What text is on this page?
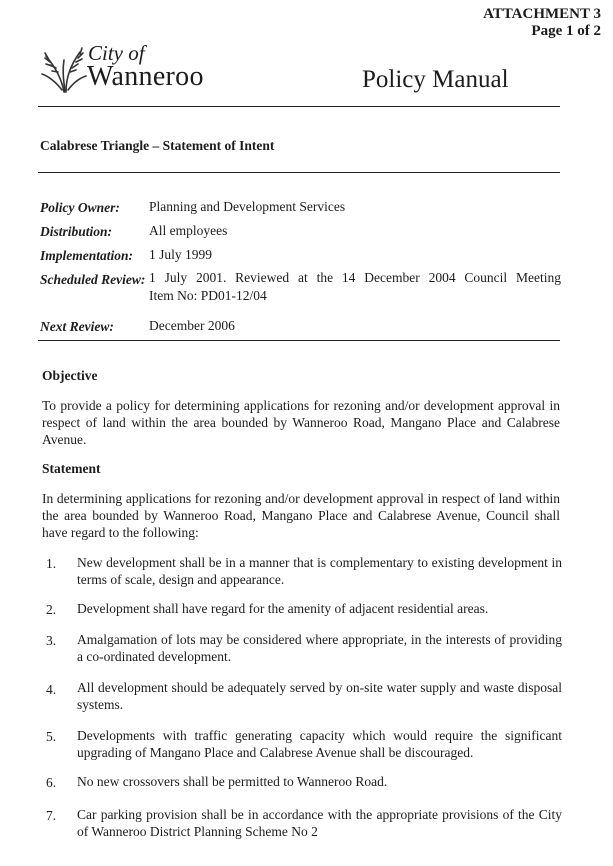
ATTACHMENT 3
Page 1 of 2
City of
Wanneroo	Policy Manual
Calabrese Triangle – Statement of Intent
Policy Owner: Planning and Development Services
Distribution:	All employees
Implementation: 1 July 1999
Scheduled Review: 1 July 2001. Reviewed at the 14 December 2004 Council Meeting
Item No: PD01-12/04
Next Review:	December 2006
Objective
To provide a policy for determining applications for rezoning and/or development approval in respect of land within the area bounded by Wanneroo Road, Mangano Place and Calabrese Avenue.
Statement
In determining applications for rezoning and/or development approval in respect of land within the area bounded by Wanneroo Road, Mangano Place and Calabrese Avenue, Council shall have regard to the following:
1. New development shall be in a manner that is complementary to existing development in terms of scale, design and appearance.
2. Development shall have regard for the amenity of adjacent residential areas.
3. Amalgamation of lots may be considered where appropriate, in the interests of providing a co-ordinated development.
4. All development should be adequately served by on-site water supply and waste disposal systems.
5. Developments with traffic generating capacity which would require the significant upgrading of Mangano Place and Calabrese Avenue shall be discouraged.
6. No new crossovers shall be permitted to Wanneroo Road.
7. Car parking provision shall be in accordance with the appropriate provisions of the City of Wanneroo District Planning Scheme No 2
